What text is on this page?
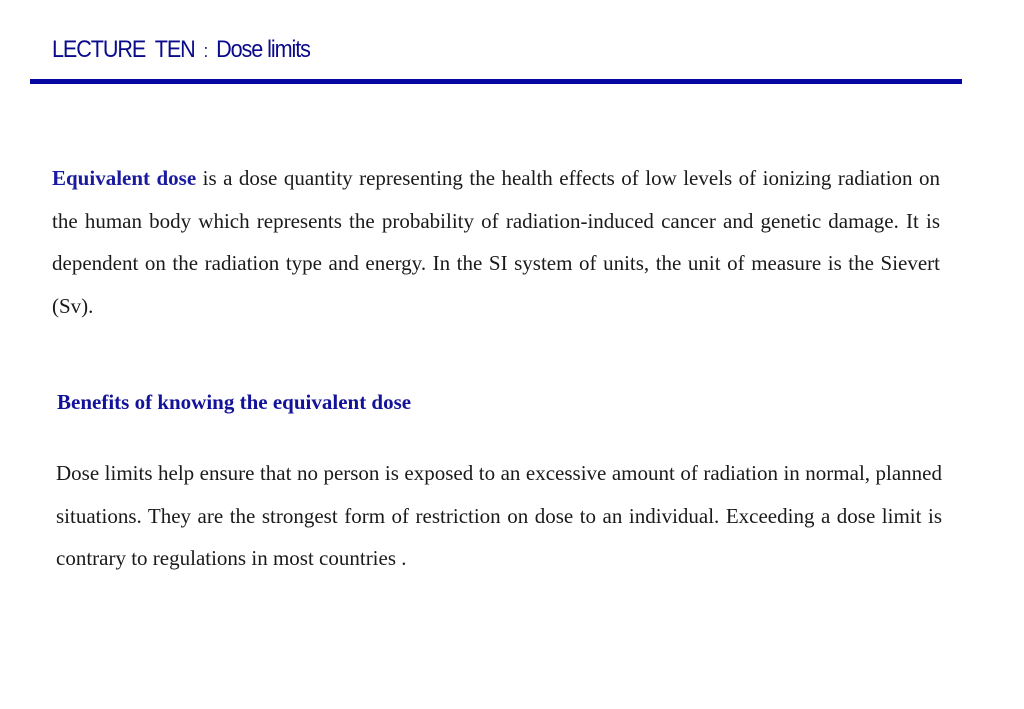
LECTURE  TEN : Dose limits

Equivalent dose is a dose quantity representing the health effects of low levels of ionizing radiation on the human body which represents the probability of radiation-induced cancer and genetic damage. It is dependent on the radiation type and energy. In the SI system of units, the unit of measure is the Sievert (Sv).

Benefits of knowing the equivalent dose

Dose limits help ensure that no person is exposed to an excessive amount of radiation in normal, planned situations. They are the strongest form of restriction on dose to an individual. Exceeding a dose limit is contrary to regulations in most countries .
